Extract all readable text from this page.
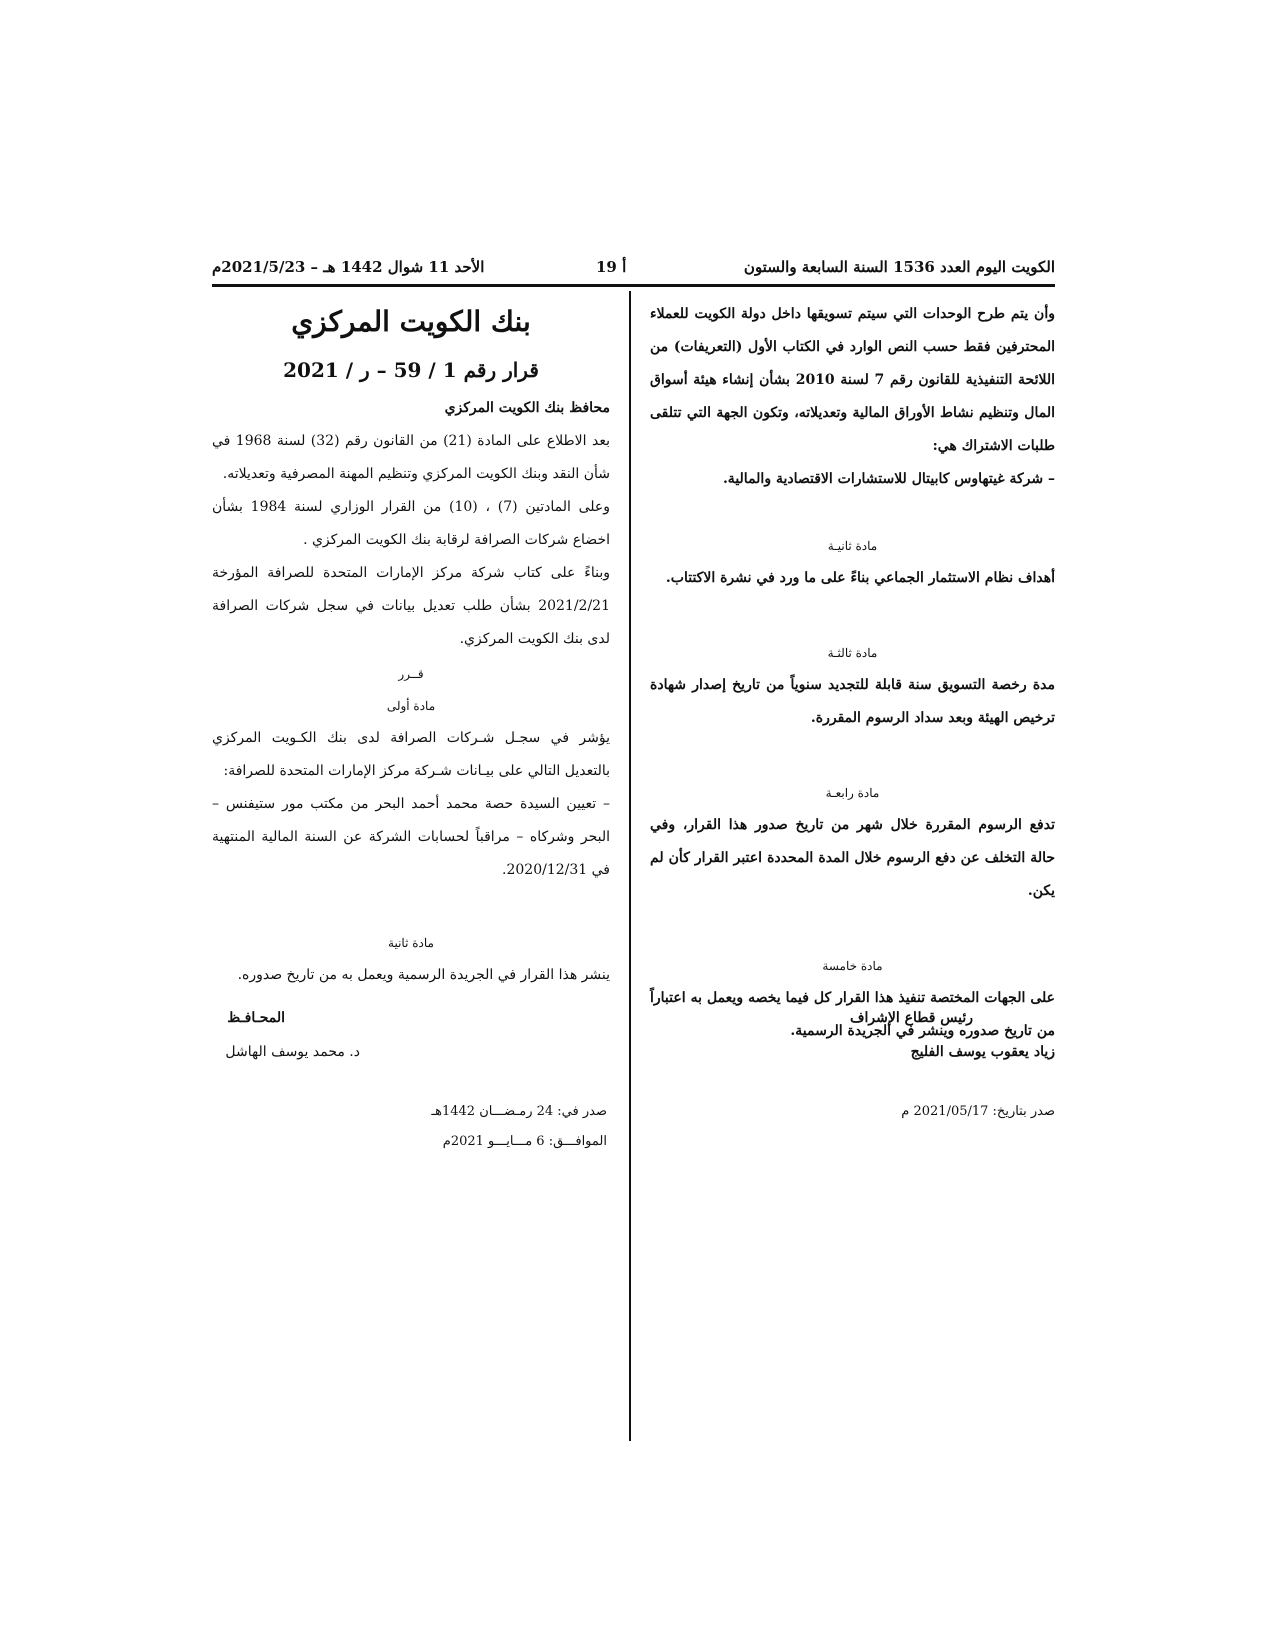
الكويت اليوم العدد 1536 السنة السابعة والستون
أ 19
الأحد 11 شوال 1442 هـ – 2021/5/23م

وأن يتم طرح الوحدات التي سيتم تسويقها داخل دولة الكويت للعملاء المحترفين فقط حسب النص الوارد في الكتاب الأول (التعريفات) من اللائحة التنفيذية للقانون رقم 7 لسنة 2010 بشأن إنشاء هيئة أسواق المال وتنظيم نشاط الأوراق المالية وتعديلاته، وتكون الجهة التي تتلقى طلبات الاشتراك هي:

– شركة غيتهاوس كابيتال للاستشارات الاقتصادية والمالية.

مادة ثانيـة

أهداف نظام الاستثمار الجماعي بناءً على ما ورد في نشرة الاكتتاب.

مادة ثالثـة

مدة رخصة التسويق سنة قابلة للتجديد سنوياً من تاريخ إصدار شهادة ترخيص الهيئة وبعد سداد الرسوم المقررة.

مادة رابعـة

تدفع الرسوم المقررة خلال شهر من تاريخ صدور هذا القرار، وفي حالة التخلف عن دفع الرسوم خلال المدة المحددة اعتبر القرار كأن لم يكن.

مادة خامسة

على الجهات المختصة تنفيذ هذا القرار كل فيما يخصه ويعمل به اعتباراً من تاريخ صدوره وينشر في الجريدة الرسمية.

رئيس قطاع الإشراف
زياد يعقوب يوسف الفليج
صدر بتاريخ: 2021/05/17 م

بنك الكويت المركزي

قرار رقم 1 / 59 – ر / 2021

محافظ بنك الكويت المركزي

بعد الاطلاع على المادة (21) من القانون رقم (32) لسنة 1968 في شأن النقد وبنك الكويت المركزي وتنظيم المهنة المصرفية وتعديلاته.

وعلى المادتين (7) ، (10) من القرار الوزاري لسنة 1984 بشأن اخضاع شركات الصرافة لرقابة بنك الكويت المركزي .

وبناءً على كتاب شركة مركز الإمارات المتحدة للصرافة المؤرخة 2021/2/21 بشأن طلب تعديل بيانات في سجل شركات الصرافة لدى بنك الكويت المركزي.

قــرر

مادة أولى

يؤشر في سجـل شـركات الصرافة لدى بنك الكـويت المركزي بالتعديل التالي على بيـانات شـركة مركز الإمارات المتحدة للصرافة:

– تعيين السيدة حصة محمد أحمد البحر من مكتب مور ستيفنس – البحر وشركاه – مراقباً لحسابات الشركة عن السنة المالية المنتهية في 2020/12/31.

مادة ثانية

ينشر هذا القرار في الجريدة الرسمية ويعمل به من تاريخ صدوره.

المحـافـظ
د. محمد يوسف الهاشل
صدر في: 24 رمـضـــان 1442هـ
الموافـــق: 6 مـــايـــو 2021م
